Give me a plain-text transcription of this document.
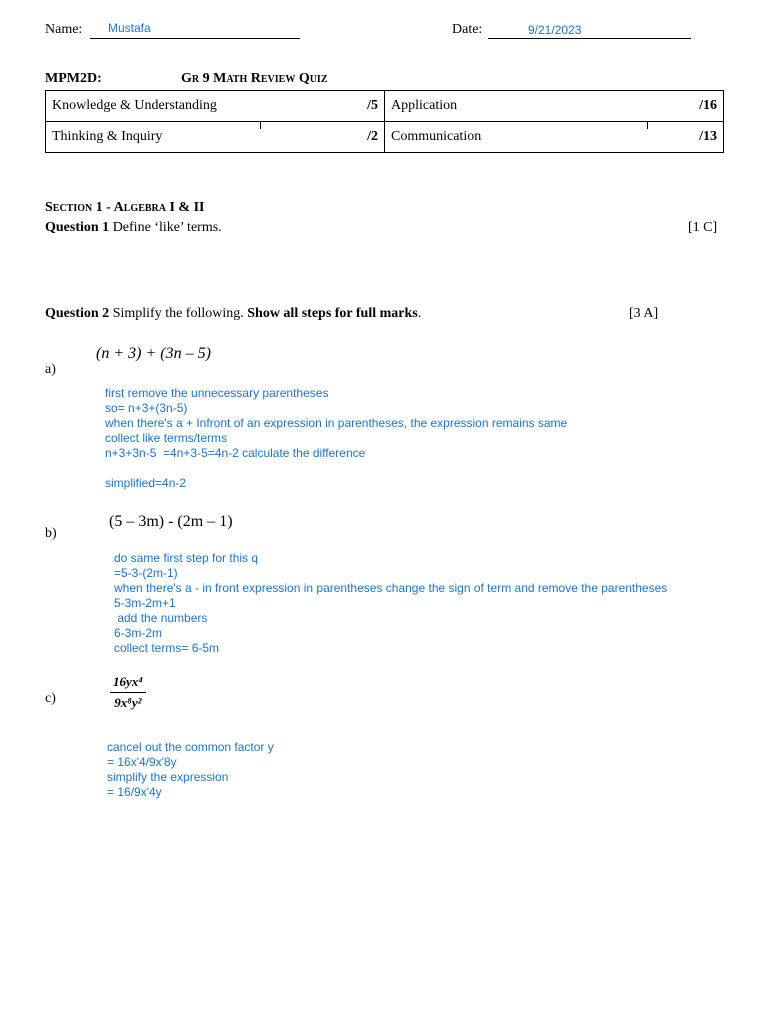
Name: Mustafa	Date:	9/21/2023
MPM2D:	Gr 9 Math Review Quiz
Knowledge & Understanding /5	Application /16

Thinking & Inquiry /2	Communication /13
Section 1 - Algebra I & II
Question 1 Define ‘like’ terms.	[1 C]
Question 2 Simplify the following. Show all steps for full marks.	[3 A]
a)
(n + 3) + (3n – 5)
first remove the unnecessary parentheses
so= n+3+(3n-5)
when there's a + Infront of an expression in parentheses, the expression remains same
collect like terms/terms
n+3+3n-5  =4n+3-5=4n-2 calculate the difference

simplified=4n-2
b)
(5 – 3m) - (2m – 1)
do same first step for this q
=5-3-(2m-1)
when there's a - in front expression in parentheses change the sign of term and remove the parentheses
5-3m-2m+1
add the numbers
6-3m-2m
collect terms= 6-5m
c)	$\frac{\text{16yx⁴}}{\text{9x⁸y²}}$
cancel out the common factor y
= 16x'4/9x'8y
simplify the expression
= 16/9x'4y
